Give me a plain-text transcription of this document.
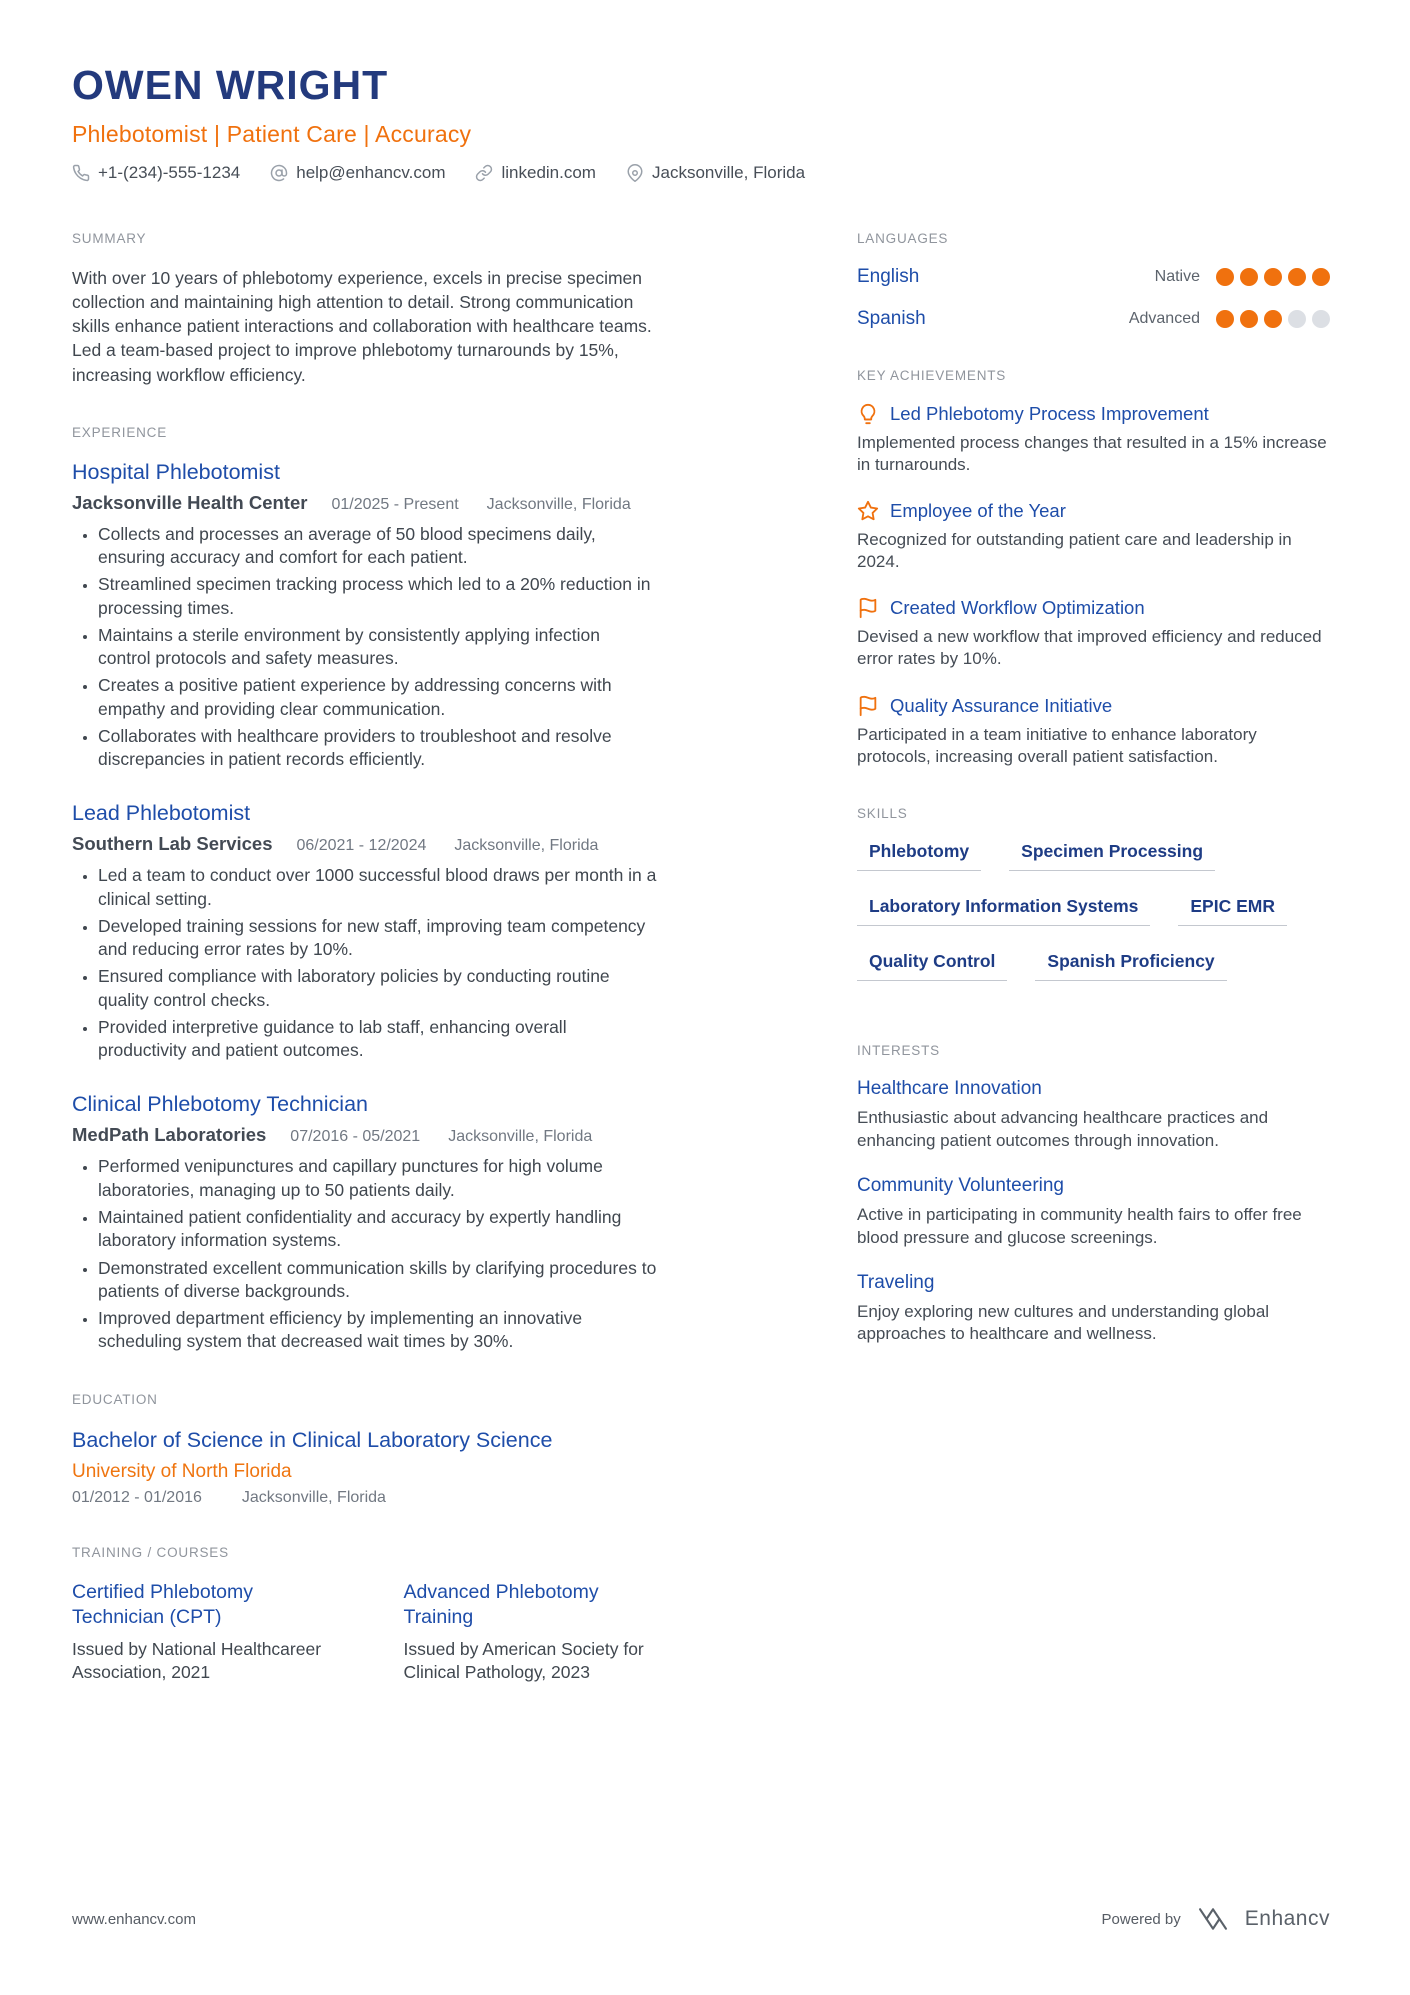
OWEN WRIGHT
Phlebotomist | Patient Care | Accuracy
+1-(234)-555-1234	help@enhancv.com	linkedin.com	Jacksonville, Florida
SUMMARY

With over 10 years of phlebotomy experience, excels in precise specimen collection and maintaining high attention to detail. Strong communication skills enhance patient interactions and collaboration with healthcare teams. Led a team-based project to improve phlebotomy turnarounds by 15%, increasing workflow efficiency.

EXPERIENCE
Hospital Phlebotomist
Jacksonville Health Center 01/2025 - Present Jacksonville, Florida
• Collects and processes an average of 50 blood specimens daily, ensuring accuracy and comfort for each patient.
• Streamlined specimen tracking process which led to a 20% reduction in processing times.
• Maintains a sterile environment by consistently applying infection control protocols and safety measures.
• Creates a positive patient experience by addressing concerns with empathy and providing clear communication.
• Collaborates with healthcare providers to troubleshoot and resolve discrepancies in patient records efficiently.
Lead Phlebotomist
Southern Lab Services 06/2021 - 12/2024 Jacksonville, Florida
• Led a team to conduct over 1000 successful blood draws per month in a clinical setting.
• Developed training sessions for new staff, improving team competency and reducing error rates by 10%.
• Ensured compliance with laboratory policies by conducting routine quality control checks.
• Provided interpretive guidance to lab staff, enhancing overall productivity and patient outcomes.
Clinical Phlebotomy Technician
MedPath Laboratories 07/2016 - 05/2021 Jacksonville, Florida
• Performed venipunctures and capillary punctures for high volume laboratories, managing up to 50 patients daily.
• Maintained patient confidentiality and accuracy by expertly handling laboratory information systems.
• Demonstrated excellent communication skills by clarifying procedures to patients of diverse backgrounds.
• Improved department efficiency by implementing an innovative scheduling system that decreased wait times by 30%.
EDUCATION
Bachelor of Science in Clinical Laboratory Science
University of North Florida
01/2012 - 01/2016	Jacksonville, Florida
TRAINING / COURSES
Certified Phlebotomy Technician (CPT)
Issued by National Healthcareer Association, 2021
Advanced Phlebotomy Training
Issued by American Society for Clinical Pathology, 2023
LANGUAGES
English	Native
Spanish	Advanced
KEY ACHIEVEMENTS
Led Phlebotomy Process Improvement
Implemented process changes that resulted in a 15% increase in turnarounds.
Employee of the Year
Recognized for outstanding patient care and leadership in 2024.
Created Workflow Optimization
Devised a new workflow that improved efficiency and reduced error rates by 10%.
Quality Assurance Initiative
Participated in a team initiative to enhance laboratory protocols, increasing overall patient satisfaction.
SKILLS
Phlebotomy	Specimen Processing
Laboratory Information Systems	EPIC EMR
Quality Control	Spanish Proficiency
INTERESTS
Healthcare Innovation
Enthusiastic about advancing healthcare practices and enhancing patient outcomes through innovation.
Community Volunteering
Active in participating in community health fairs to offer free blood pressure and glucose screenings.
Traveling
Enjoy exploring new cultures and understanding global approaches to healthcare and wellness.
www.enhancv.com	Powered by	Enhancv
